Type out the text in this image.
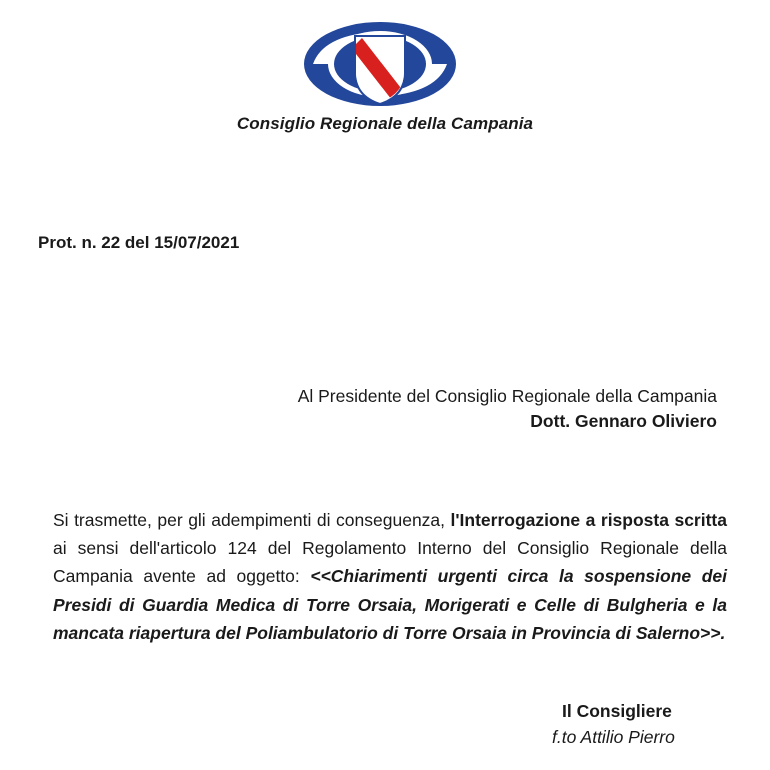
Consiglio Regionale della Campania
Prot. n. 22 del 15/07/2021
Al Presidente del Consiglio Regionale della Campania
Dott. Gennaro Oliviero
Si trasmette, per gli adempimenti di conseguenza, l'Interrogazione a risposta scritta ai sensi dell'articolo 124 del Regolamento Interno del Consiglio Regionale della Campania avente ad oggetto: <<Chiarimenti urgenti circa la sospensione dei Presidi di Guardia Medica di Torre Orsaia, Morigerati e Celle di Bulgheria e la mancata riapertura del Poliambulatorio di Torre Orsaia in Provincia di Salerno>>.
Il Consigliere
f.to Attilio Pierro
